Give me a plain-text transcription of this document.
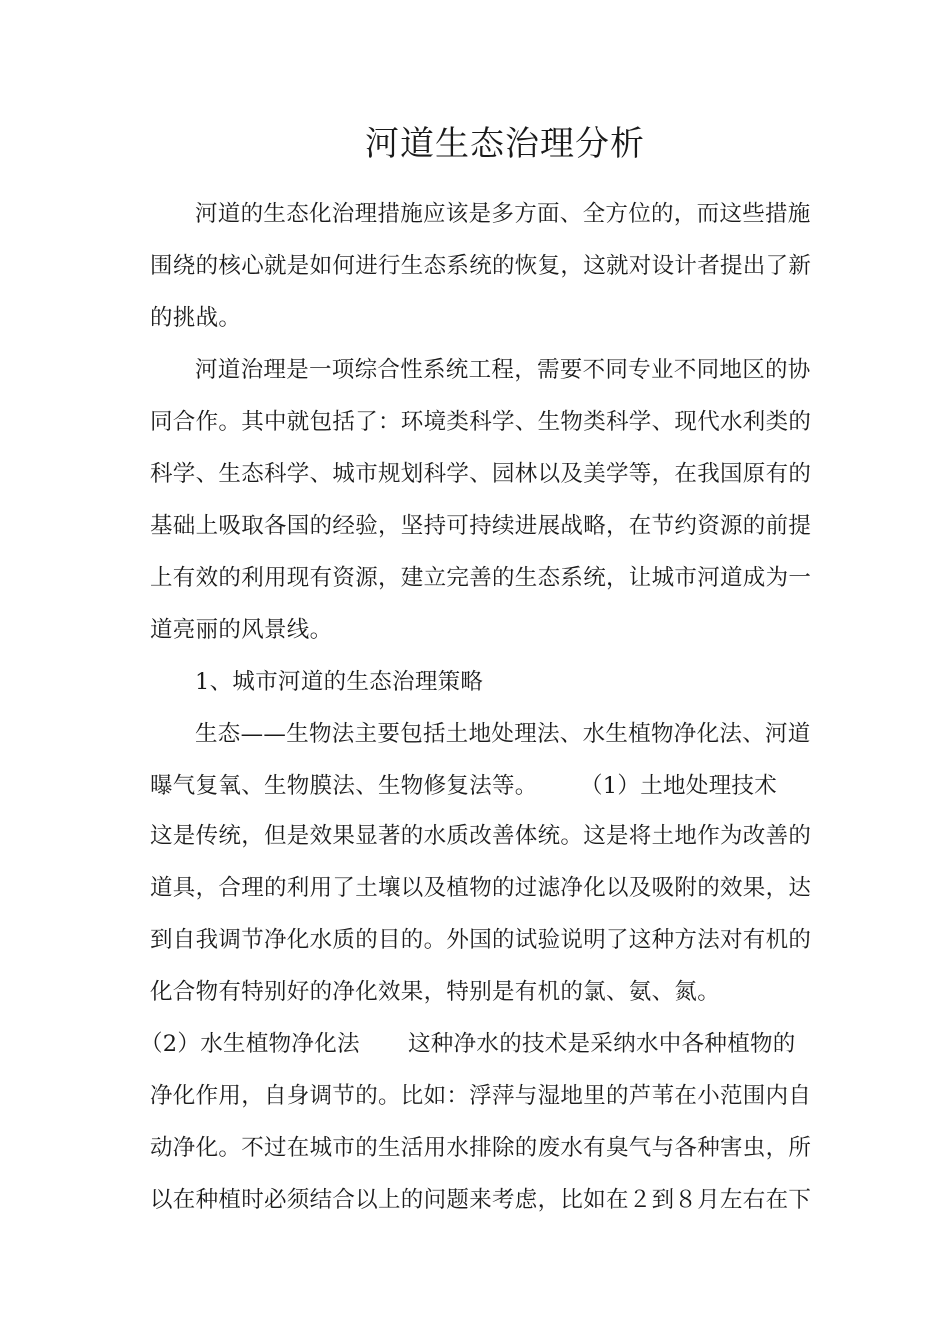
河道生态治理分析
河道的生态化治理措施应该是多方面、全方位的，而这些措施
围绕的核心就是如何进行生态系统的恢复，这就对设计者提出了新
的挑战。
河道治理是一项综合性系统工程，需要不同专业不同地区的协
同合作。其中就包括了：环境类科学、生物类科学、现代水利类的
科学、生态科学、城市规划科学、园林以及美学等，在我国原有的
基础上吸取各国的经验，坚持可持续进展战略，在节约资源的前提
上有效的利用现有资源，建立完善的生态系统，让城市河道成为一
道亮丽的风景线。
1、城市河道的生态治理策略
生态——生物法主要包括土地处理法、水生植物净化法、河道
曝气复氧、生物膜法、生物修复法等。	（1）土地处理技术
这是传统，但是效果显著的水质改善体统。这是将土地作为改善的
道具，合理的利用了土壤以及植物的过滤净化以及吸附的效果，达
到自我调节净化水质的目的。外国的试验说明了这种方法对有机的
化合物有特别好的净化效果，特别是有机的氯、氨、氮。
（2）水生植物净化法	这种净水的技术是采纳水中各种植物的
净化作用，自身调节的。比如：浮萍与湿地里的芦苇在小范围内自
动净化。不过在城市的生活用水排除的废水有臭气与各种害虫，所
以在种植时必须结合以上的问题来考虑，比如在２到８月左右在下
